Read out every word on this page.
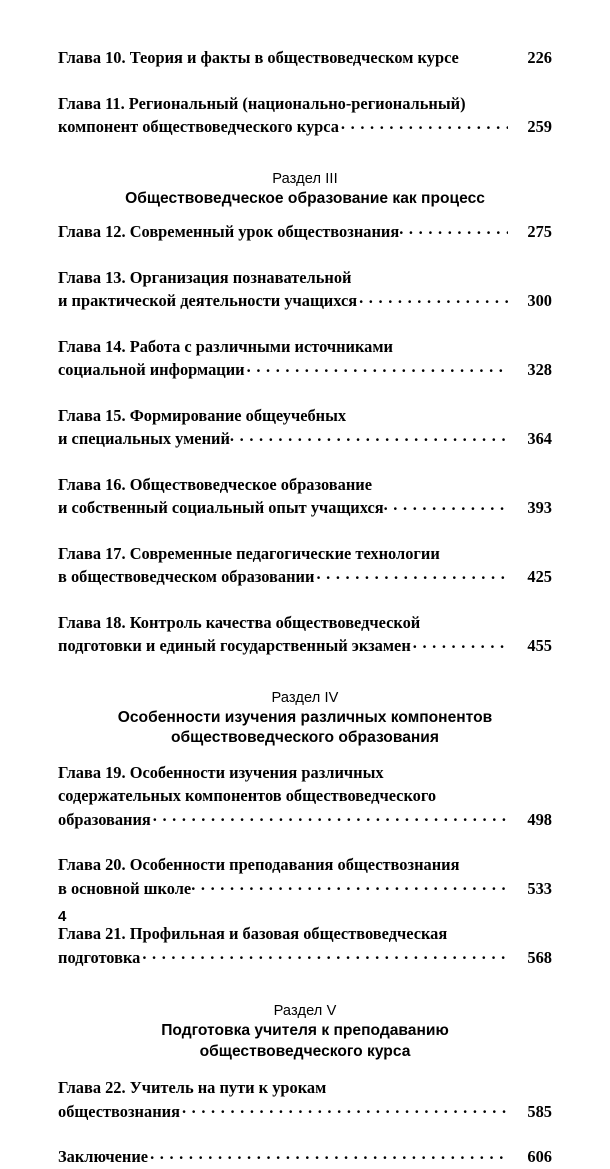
Глава 10. Теория и факты в обществоведческом курсе	226
Глава 11. Региональный (национально-региональный)
компонент обществоведческого курса .....	259
Раздел III
Обществоведческое образование как процесс
Глава 12. Современный урок обществознания .....	275
Глава 13. Организация познавательной
и практической деятельности учащихся .....	300
Глава 14. Работа с различными источниками
социальной информации .....	328
Глава 15. Формирование общеучебных
и специальных умений .....	364
Глава 16. Обществоведческое образование
и собственный социальный опыт учащихся .....	393
Глава 17. Современные педагогические технологии
в обществоведческом образовании .....	425
Глава 18. Контроль качества обществоведческой
подготовки и единый государственный экзамен .....	455
Раздел IV
Особенности изучения различных компонентов
обществоведческого образования
Глава 19. Особенности изучения различных
содержательных компонентов обществоведческого
образования .....	498
Глава 20. Особенности преподавания обществознания
в основной школе .....	533
Глава 21. Профильная и базовая обществоведческая
подготовка .....	568
Раздел V
Подготовка учителя к преподаванию
обществоведческого курса
Глава 22. Учитель на пути к урокам
обществознания .....	585
Заключение .....	606
4
